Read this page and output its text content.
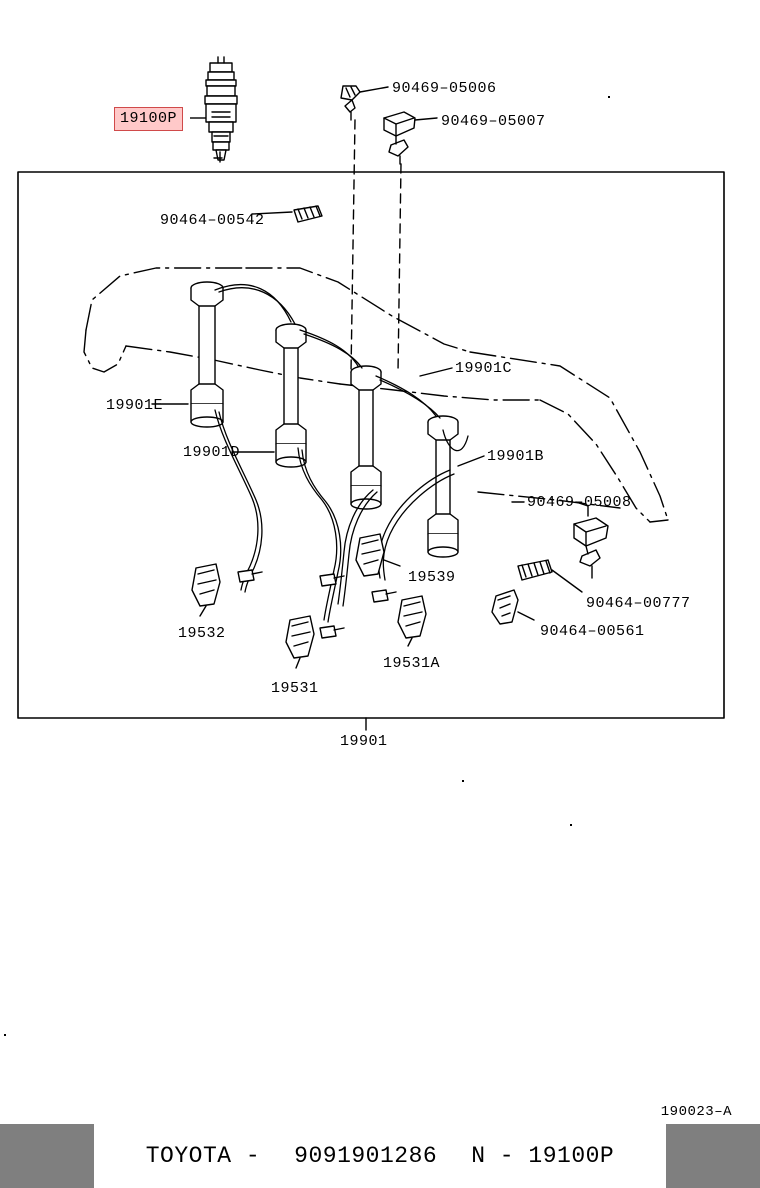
19100P
90469–05006
90469–05007
90464–00542
19901C
19901E
19901D	19901B
90469–05008
19539
19532
90464–00777
90464–00561
19531
19531A
19901
190023–A
TOYOTA - 9091901286 N - 19100P
